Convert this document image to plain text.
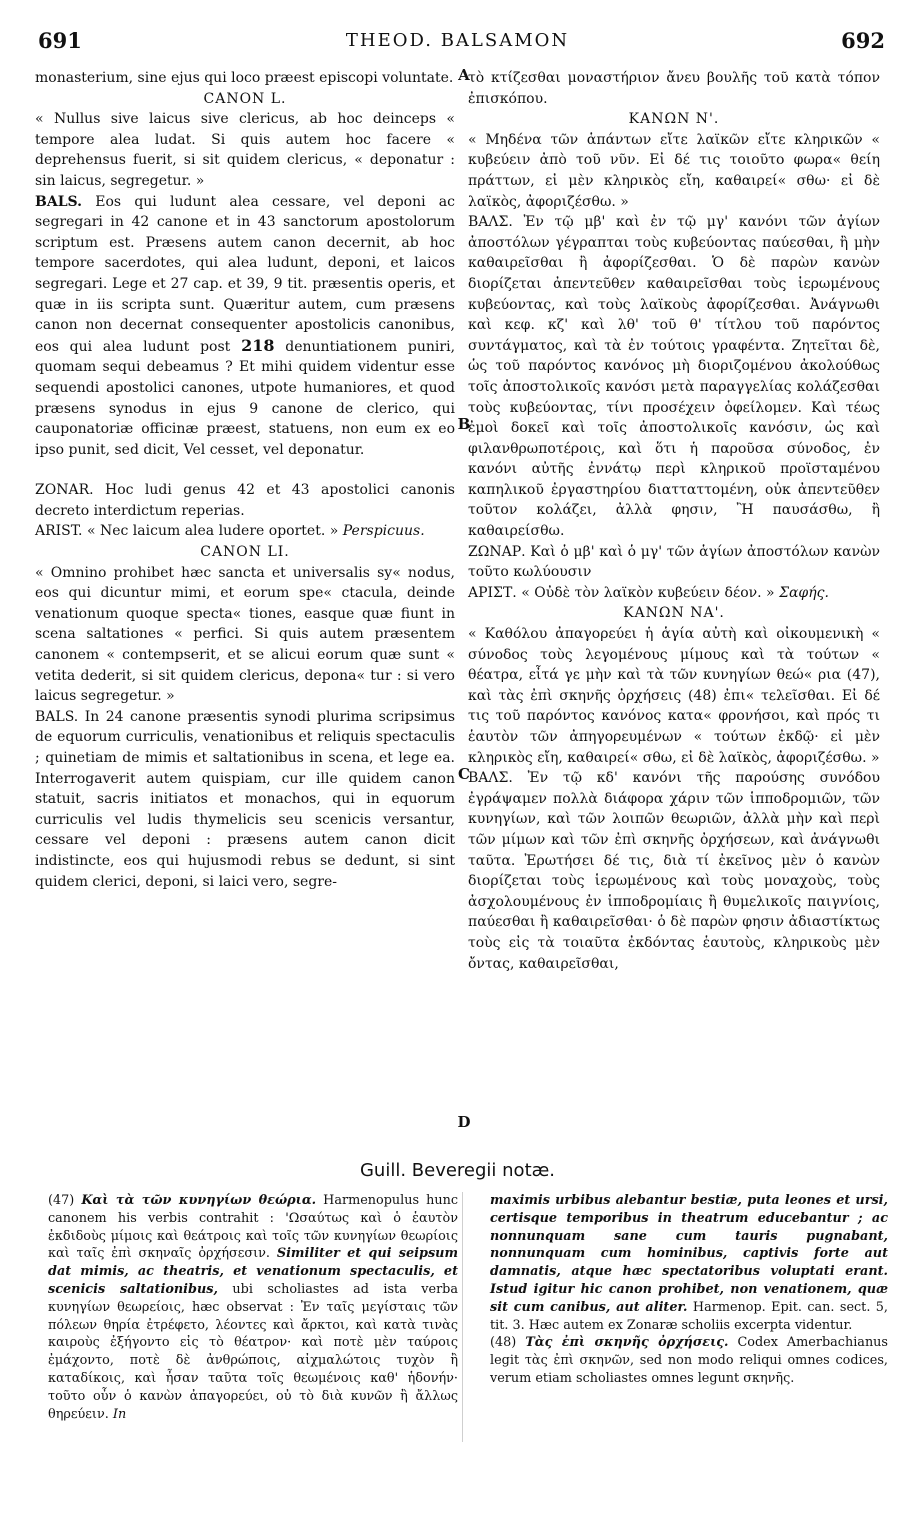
691	THEOD. BALSAMON	692
A
B
C
D

monasterium, sine ejus qui loco præest episcopi voluntate.

CANON L.

« Nullus sive laicus sive clericus, ab hoc deinceps « tempore alea ludat. Si quis autem hoc facere « deprehensus fuerit, si sit quidem clericus, « deponatur : sin laicus, segregetur. »

BALS. Eos qui ludunt alea cessare, vel deponi ac segregari in 42 canone et in 43 sanctorum apostolorum scriptum est. Præsens autem canon decernit, ab hoc tempore sacerdotes, qui alea ludunt, deponi, et laicos segregari. Lege et 27 cap. et 39, 9 tit. præsentis operis, et quæ in iis scripta sunt. Quæritur autem, cum præsens canon non decernat consequenter apostolicis canonibus, eos qui alea ludunt post 218 denuntiationem puniri, quomam sequi debeamus ? Et mihi quidem videntur esse sequendi apostolici canones, utpote humaniores, et quod præsens synodus in ejus 9 canone de clerico, qui cauponatoriæ officinæ præest, statuens, non eum ex eo ipso punit, sed dicit, Vel cesset, vel deponatur.

ZONAR. Hoc ludi genus 42 et 43 apostolici canonis decreto interdictum reperias.

ARIST. « Nec laicum alea ludere oportet. » Perspicuus.

CANON LI.

« Omnino prohibet hæc sancta et universalis sy« nodus, eos qui dicuntur mimi, et eorum spe« ctacula, deinde venationum quoque specta« tiones, easque quæ fiunt in scena saltationes « perfici. Si quis autem præsentem canonem « contempserit, et se alicui eorum quæ sunt « vetita dederit, si sit quidem clericus, depona« tur : si vero laicus segregetur. »

BALS. In 24 canone præsentis synodi plurima scripsimus de equorum curriculis, venationibus et reliquis spectaculis ; quinetiam de mimis et saltationibus in scena, et lege ea. Interrogaverit autem quispiam, cur ille quidem canon statuit, sacris initiatos et monachos, qui in equorum curriculis vel ludis thymelicis seu scenicis versantur, cessare vel deponi : præsens autem canon dicit indistincte, eos qui hujusmodi rebus se dedunt, si sint quidem clerici, deponi, si laici vero, segre-

τὸ κτίζεσθαι μοναστήριον ἄνευ βουλῆς τοῦ κατὰ τόπον ἐπισκόπου.

ΚΑΝΩΝ Ν'.

« Μηδένα τῶν ἁπάντων εἴτε λαϊκῶν εἴτε κληρικῶν « κυβεύειν ἀπὸ τοῦ νῦν. Εἰ δέ τις τοιοῦτο φωρα« θείη πράττων, εἰ μὲν κληρικὸς εἴη, καθαιρεί« σθω· εἰ δὲ λαϊκὸς, ἀφοριζέσθω. »

ΒΑΛΣ. Ἐν τῷ μβ' καὶ ἐν τῷ μγ' κανόνι τῶν ἁγίων ἀποστόλων γέγραπται τοὺς κυβεύοντας παύεσθαι, ἢ μὴν καθαιρεῖσθαι ἢ ἀφορίζεσθαι. Ὁ δὲ παρὼν κανὼν διορίζεται ἀπεντεῦθεν καθαιρεῖσθαι τοὺς ἱερωμένους κυβεύοντας, καὶ τοὺς λαϊκοὺς ἀφορίζεσθαι. Ἀνάγνωθι καὶ κεφ. κζ' καὶ λθ' τοῦ θ' τίτλου τοῦ παρόντος συντάγματος, καὶ τὰ ἐν τούτοις γραφέντα. Ζητεῖται δὲ, ὡς τοῦ παρόντος κανόνος μὴ διοριζομένου ἀκολούθως τοῖς ἀποστολικοῖς κανόσι μετὰ παραγγελίας κολάζεσθαι τοὺς κυβεύοντας, τίνι προσέχειν ὀφείλομεν. Καὶ τέως ἐμοὶ δοκεῖ καὶ τοῖς ἀποστολικοῖς κανόσιν, ὡς καὶ φιλανθρωποτέροις, καὶ ὅτι ἡ παροῦσα σύνοδος, ἐν κανόνι αὐτῆς ἐννάτῳ περὶ κληρικοῦ προϊσταμένου καπηλικοῦ ἐργαστηρίου διατταττομένη, οὐκ ἀπεντεῦθεν τοῦτον κολάζει, ἀλλὰ φησιν, Ἢ παυσάσθω, ἢ καθαιρείσθω.

ΖΩΝΑΡ. Καὶ ὁ μβ' καὶ ὁ μγ' τῶν ἁγίων ἀποστόλων κανὼν τοῦτο κωλύουσιν

ΑΡΙΣΤ. « Οὐδὲ τὸν λαϊκὸν κυβεύειν δέον. » Σαφής.

ΚΑΝΩΝ ΝΑ'.

« Καθόλου ἀπαγορεύει ἡ ἁγία αὐτὴ καὶ οἰκουμενικὴ « σύνοδος τοὺς λεγομένους μίμους καὶ τὰ τούτων « θέατρα, εἶτά γε μὴν καὶ τὰ τῶν κυνηγίων θεώ« ρια (47), καὶ τὰς ἐπὶ σκηνῆς ὀρχήσεις (48) ἐπι« τελεῖσθαι. Εἰ δέ τις τοῦ παρόντος κανόνος κατα« φρονήσοι, καὶ πρός τι ἑαυτὸν τῶν ἀπηγορευμένων « τούτων ἐκδῷ· εἰ μὲν κληρικὸς εἴη, καθαιρεί« σθω, εἰ δὲ λαϊκὸς, ἀφοριζέσθω. »

ΒΑΛΣ. Ἐν τῷ κδ' κανόνι τῆς παρούσης συνόδου ἐγράψαμεν πολλὰ διάφορα χάριν τῶν ἱπποδρομιῶν, τῶν κυνηγίων, καὶ τῶν λοιπῶν θεωριῶν, ἀλλὰ μὴν καὶ περὶ τῶν μίμων καὶ τῶν ἐπὶ σκηνῆς ὀρχήσεων, καὶ ἀνάγνωθι ταῦτα. Ἐρωτήσει δέ τις, διὰ τί ἐκεῖνος μὲν ὁ κανὼν διορίζεται τοὺς ἱερωμένους καὶ τοὺς μοναχοὺς, τοὺς ἀσχολουμένους ἐν ἱπποδρομίαις ἢ θυμελικοῖς παιγνίοις, παύεσθαι ἢ καθαιρεῖσθαι· ὁ δὲ παρὼν φησιν ἀδιαστίκτως τοὺς εἰς τὰ τοιαῦτα ἐκδόντας ἑαυτοὺς, κληρικοὺς μὲν ὄντας, καθαιρεῖσθαι,

Guill. Beveregii notæ.

(47) Καὶ τὰ τῶν κυνηγίων θεώρια. Harmenopulus hunc canonem his verbis contrahit : 'Ωσαύτως καὶ ὁ ἑαυτὸν ἐκδιδοὺς μίμοις καὶ θεάτροις καὶ τοῖς τῶν κυνηγίων θεωρίοις καὶ ταῖς ἐπὶ σκηναῖς ὀρχήσεσιν. Similiter et qui seipsum dat mimis, ac theatris, et venationum spectaculis, et scenicis saltationibus, ubi scholiastes ad ista verba κυνηγίων θεωρείοις, hæc observat : Ἐν ταῖς μεγίσταις τῶν πόλεων θηρία ἐτρέφετο, λέοντες καὶ ἄρκτοι, καὶ κατὰ τινὰς καιροὺς ἐξήγοντο εἰς τὸ θέατρον· καὶ ποτὲ μὲν ταύροις ἐμάχοντο, ποτὲ δὲ ἀνθρώποις, αἰχμαλώτοις τυχὸν ἢ καταδίκοις, καὶ ἦσαν ταῦτα τοῖς θεωμένοις καθ' ἡδονήν· τοῦτο οὖν ὁ κανὼν ἀπαγορεύει, οὐ τὸ διὰ κυνῶν ἢ ἄλλως θηρεύειν. In

maximis urbibus alebantur bestiæ, puta leones et ursi, certisque temporibus in theatrum educebantur ; ac nonnunquam sane cum tauris pugnabant, nonnunquam cum hominibus, captivis forte aut damnatis, atque hæc spectatoribus voluptati erant. Istud igitur hic canon prohibet, non venationem, quæ sit cum canibus, aut aliter. Harmenop. Epit. can. sect. 5, tit. 3. Hæc autem ex Zonaræ scholiis excerpta videntur.

(48) Τὰς ἐπὶ σκηνῆς ὀρχήσεις. Codex Amerbachianus legit τὰς ἐπὶ σκηνῶν, sed non modo reliqui omnes codices, verum etiam scholiastes omnes legunt σκηνῆς.
